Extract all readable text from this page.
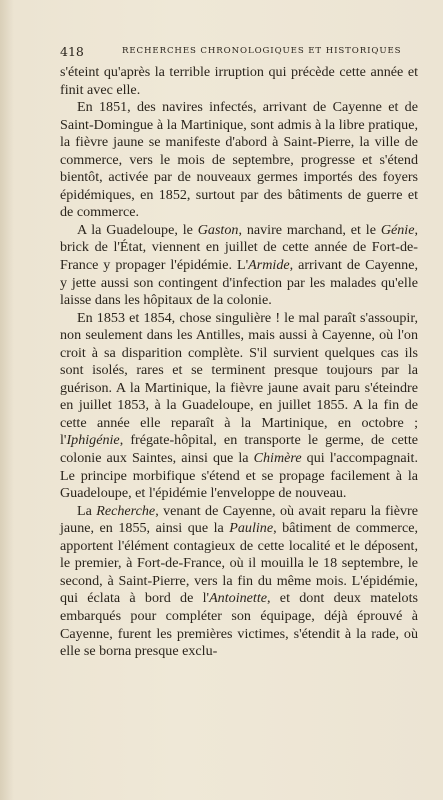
418	RECHERCHES CHRONOLOGIQUES ET HISTORIQUES

s'éteint qu'après la terrible irruption qui précède cette année et finit avec elle.

En 1851, des navires infectés, arrivant de Cayenne et de Saint-Domingue à la Martinique, sont admis à la libre pratique, la fièvre jaune se manifeste d'abord à Saint-Pierre, la ville de commerce, vers le mois de septembre, progresse et s'étend bientôt, activée par de nouveaux germes importés des foyers épidémiques, en 1852, surtout par des bâtiments de guerre et de commerce.

A la Guadeloupe, le Gaston, navire marchand, et le Génie, brick de l'État, viennent en juillet de cette année de Fort-de-France y propager l'épidémie. L'Armide, arrivant de Cayenne, y jette aussi son contingent d'infection par les malades qu'elle laisse dans les hôpitaux de la colonie.

En 1853 et 1854, chose singulière ! le mal paraît s'assoupir, non seulement dans les Antilles, mais aussi à Cayenne, où l'on croit à sa disparition complète. S'il survient quelques cas ils sont isolés, rares et se terminent presque toujours par la guérison. A la Martinique, la fièvre jaune avait paru s'éteindre en juillet 1853, à la Guadeloupe, en juillet 1855. A la fin de cette année elle reparaît à la Martinique, en octobre ; l'Iphigénie, frégate-hôpital, en transporte le germe, de cette colonie aux Saintes, ainsi que la Chimère qui l'accompagnait. Le principe morbifique s'étend et se propage facilement à la Guadeloupe, et l'épidémie l'enveloppe de nouveau.

La Recherche, venant de Cayenne, où avait reparu la fièvre jaune, en 1855, ainsi que la Pauline, bâtiment de commerce, apportent l'élément contagieux de cette localité et le déposent, le premier, à Fort-de-France, où il mouilla le 18 septembre, le second, à Saint-Pierre, vers la fin du même mois. L'épidémie, qui éclata à bord de l'Antoinette, et dont deux matelots embarqués pour compléter son équipage, déjà éprouvé à Cayenne, furent les premières victimes, s'étendit à la rade, où elle se borna presque exclu-
